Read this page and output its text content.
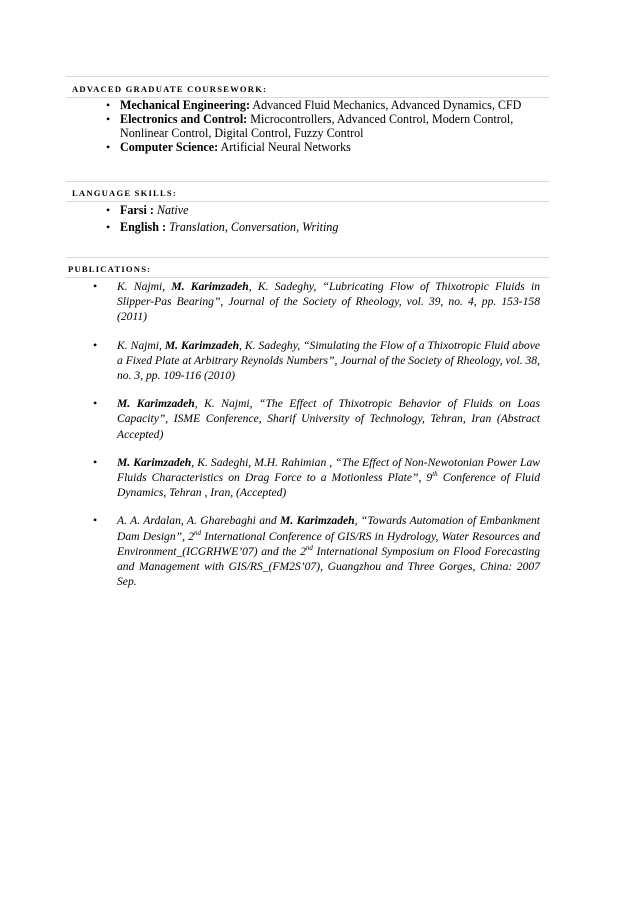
ADVACED GRADUATE COURSEWORK:
• Mechanical Engineering: Advanced Fluid Mechanics, Advanced Dynamics, CFD
• Electronics and Control: Microcontrollers, Advanced Control, Modern Control, Nonlinear Control, Digital Control, Fuzzy Control
• Computer Science: Artificial Neural Networks
LANGUAGE SKILLS:
• Farsi : Native
• English : Translation, Conversation, Writing
PUBLICATIONS:
• K. Najmi, M. Karimzadeh, K. Sadeghy, “Lubricating Flow of Thixotropic Fluids in Slipper-Pas Bearing”, Journal of the Society of Rheology, vol. 39, no. 4, pp. 153-158 (2011)
• K. Najmi, M. Karimzadeh, K. Sadeghy, “Simulating the Flow of a Thixotropic Fluid above a Fixed Plate at Arbitrary Reynolds Numbers”, Journal of the Society of Rheology, vol. 38, no. 3, pp. 109-116 (2010)
• M. Karimzadeh, K. Najmi, “The Effect of Thixotropic Behavior of Fluids on Loas Capacity”, ISME Conference, Sharif University of Technology, Tehran, Iran (Abstract Accepted)
• M. Karimzadeh, K. Sadeghi, M.H. Rahimian , “The Effect of Non-Newotonian Power Law Fluids Characteristics on Drag Force to a Motionless Plate”, 9th Conference of Fluid Dynamics, Tehran , Iran, (Accepted)
• A. A. Ardalan, A. Gharebaghi and M. Karimzadeh, “Towards Automation of Embankment Dam Design”, 2nd International Conference of GIS/RS in Hydrology, Water Resources and Environment_(ICGRHWE’07) and the 2nd International Symposium on Flood Forecasting and Management with GIS/RS_(FM2S’07), Guangzhou and Three Gorges, China: 2007 Sep.
